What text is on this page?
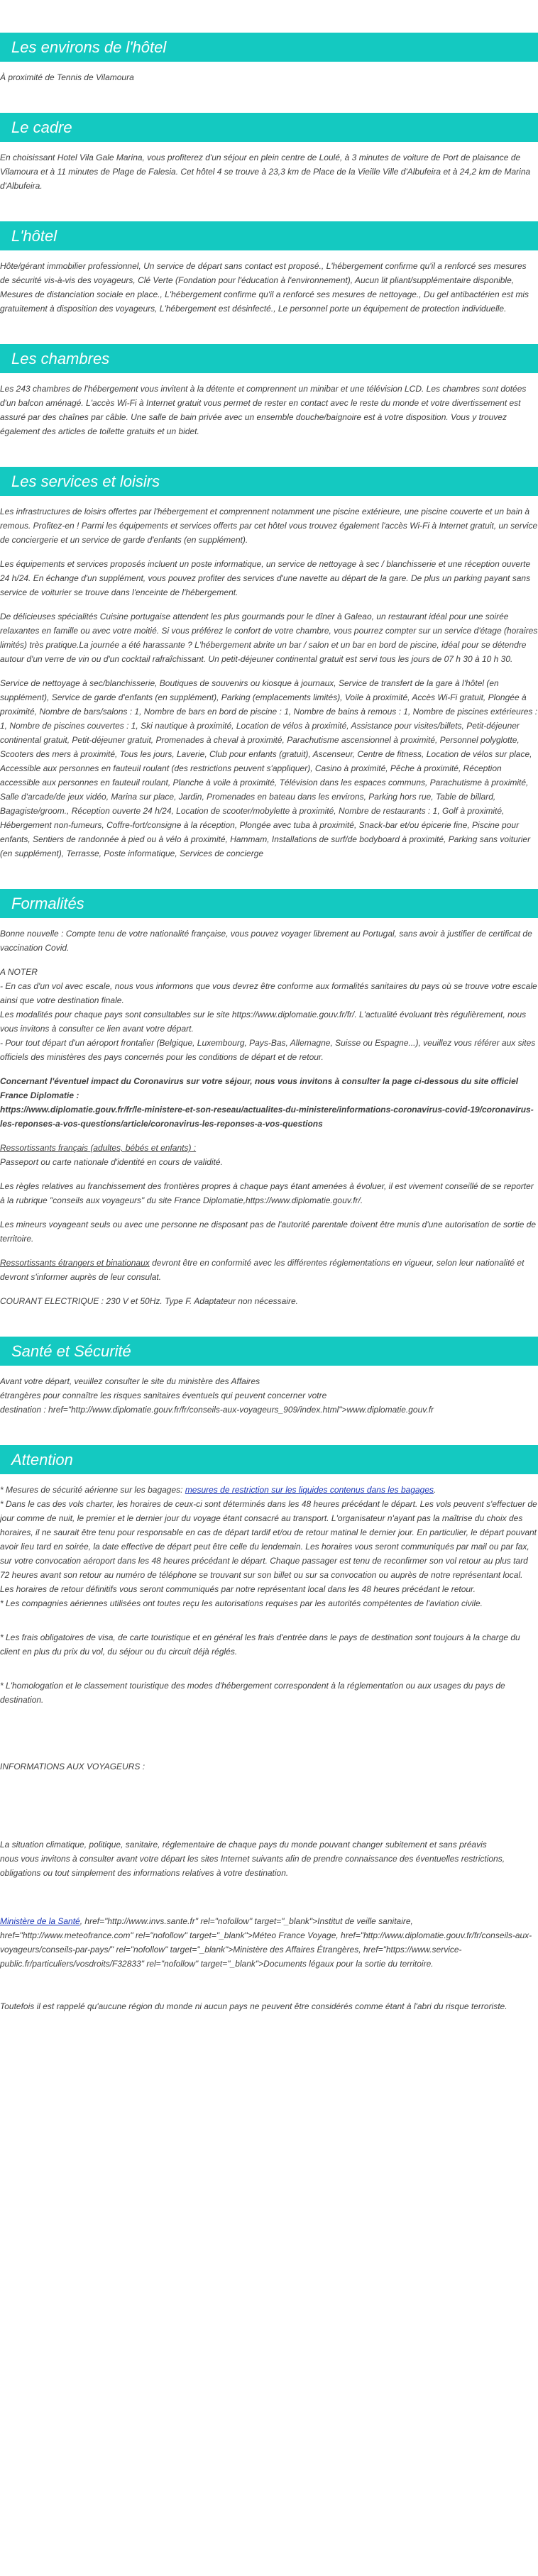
Les environs de l'hôtel

À proximité de Tennis de Vilamoura

Le cadre

En choisissant Hotel Vila Gale Marina, vous profiterez d'un séjour en plein centre de Loulé, à 3 minutes de voiture de Port de plaisance de Vilamoura et à 11 minutes de Plage de Falesia. Cet hôtel 4 se trouve à 23,3 km de Place de la Vieille Ville d'Albufeira et à 24,2 km de Marina d'Albufeira.

L'hôtel

Hôte/gérant immobilier professionnel, Un service de départ sans contact est proposé., L'hébergement confirme qu'il a renforcé ses mesures de sécurité vis-à-vis des voyageurs, Clé Verte (Fondation pour l'éducation à l'environnement), Aucun lit pliant/supplémentaire disponible, Mesures de distanciation sociale en place., L'hébergement confirme qu'il a renforcé ses mesures de nettoyage., Du gel antibactérien est mis gratuitement à disposition des voyageurs, L'hébergement est désinfecté., Le personnel porte un équipement de protection individuelle.

Les chambres

Les 243 chambres de l'hébergement vous invitent à la détente et comprennent un minibar et une télévision LCD. Les chambres sont dotées d'un balcon aménagé. L'accès Wi-Fi à Internet gratuit vous permet de rester en contact avec le reste du monde et votre divertissement est assuré par des chaînes par câble. Une salle de bain privée avec un ensemble douche/baignoire est à votre disposition. Vous y trouvez également des articles de toilette gratuits et un bidet.

Les services et loisirs

Les infrastructures de loisirs offertes par l'hébergement et comprennent notamment une piscine extérieure, une piscine couverte et un bain à remous. Profitez-en ! Parmi les équipements et services offerts par cet hôtel vous trouvez également l'accès Wi-Fi à Internet gratuit, un service de conciergerie et un service de garde d'enfants (en supplément).

Les équipements et services proposés incluent un poste informatique, un service de nettoyage à sec / blanchisserie et une réception ouverte 24 h/24. En échange d'un supplément, vous pouvez profiter des services d'une navette au départ de la gare. De plus un parking payant sans service de voiturier se trouve dans l'enceinte de l'hébergement.

De délicieuses spécialités Cuisine portugaise attendent les plus gourmands pour le dîner à Galeao, un restaurant idéal pour une soirée relaxantes en famille ou avec votre moitié. Si vous préférez le confort de votre chambre, vous pourrez compter sur un service d'étage (horaires limités) très pratique.La journée a été harassante ? L'hébergement abrite un bar / salon et un bar en bord de piscine, idéal pour se détendre autour d'un verre de vin ou d'un cocktail rafraîchissant. Un petit-déjeuner continental gratuit est servi tous les jours de 07 h 30 à 10 h 30.

Service de nettoyage à sec/blanchisserie, Boutiques de souvenirs ou kiosque à journaux, Service de transfert de la gare à l'hôtel (en supplément), Service de garde d'enfants (en supplément), Parking (emplacements limités), Voile à proximité, Accès Wi-Fi gratuit, Plongée à proximité, Nombre de bars/salons : 1, Nombre de bars en bord de piscine : 1, Nombre de bains à remous : 1, Nombre de piscines extérieures : 1, Nombre de piscines couvertes : 1, Ski nautique à proximité, Location de vélos à proximité, Assistance pour visites/billets, Petit-déjeuner continental gratuit, Petit-déjeuner gratuit, Promenades à cheval à proximité, Parachutisme ascensionnel à proximité, Personnel polyglotte, Scooters des mers à proximité, Tous les jours, Laverie, Club pour enfants (gratuit), Ascenseur, Centre de fitness, Location de vélos sur place, Accessible aux personnes en fauteuil roulant (des restrictions peuvent s'appliquer), Casino à proximité, Pêche à proximité, Réception accessible aux personnes en fauteuil roulant, Planche à voile à proximité, Télévision dans les espaces communs, Parachutisme à proximité, Salle d'arcade/de jeux vidéo, Marina sur place, Jardin, Promenades en bateau dans les environs, Parking hors rue, Table de billard, Bagagiste/groom., Réception ouverte 24 h/24, Location de scooter/mobylette à proximité, Nombre de restaurants : 1, Golf à proximité, Hébergement non-fumeurs, Coffre-fort/consigne à la réception, Plongée avec tuba à proximité, Snack-bar et/ou épicerie fine, Piscine pour enfants, Sentiers de randonnée à pied ou à vélo à proximité, Hammam, Installations de surf/de bodyboard à proximité, Parking sans voiturier (en supplément), Terrasse, Poste informatique, Services de concierge

Formalités

Bonne nouvelle : Compte tenu de votre nationalité française, vous pouvez voyager librement au Portugal, sans avoir à justifier de certificat de vaccination Covid.

A NOTER

- En cas d'un vol avec escale, nous vous informons que vous devrez être conforme aux formalités sanitaires du pays où se trouve votre escale ainsi que votre destination finale.

Les modalités pour chaque pays sont consultables sur le site https://www.diplomatie.gouv.fr/fr/. L'actualité évoluant très régulièrement, nous vous invitons à consulter ce lien avant votre départ.

- Pour tout départ d'un aéroport frontalier (Belgique, Luxembourg, Pays-Bas, Allemagne, Suisse ou Espagne...), veuillez vous référer aux sites officiels des ministères des pays concernés pour les conditions de départ et de retour.

Concernant l'éventuel impact du Coronavirus sur votre séjour, nous vous invitons à consulter la page ci-dessous du site officiel France Diplomatie :

https://www.diplomatie.gouv.fr/fr/le-ministere-et-son-reseau/actualites-du-ministere/informations-coronavirus-covid-19/coronavirus-les-reponses-a-vos-questions/article/coronavirus-les-reponses-a-vos-questions

Ressortissants français (adultes, bébés et enfants) :

Passeport ou carte nationale d'identité en cours de validité.

Les règles relatives au franchissement des frontières propres à chaque pays étant amenées à évoluer, il est vivement conseillé de se reporter à la rubrique "conseils aux voyageurs" du site France Diplomatie,https://www.diplomatie.gouv.fr/.

Les mineurs voyageant seuls ou avec une personne ne disposant pas de l'autorité parentale doivent être munis d'une autorisation de sortie de territoire.

Ressortissants étrangers et binationaux devront être en conformité avec les différentes réglementations en vigueur, selon leur nationalité et devront s'informer auprès de leur consulat.

COURANT ELECTRIQUE : 230 V et 50Hz. Type F. Adaptateur non nécessaire.

Santé et Sécurité

Avant votre départ, veuillez consulter le site du ministère des Affaires

étrangères pour connaître les risques sanitaires éventuels qui peuvent concerner votre

destination : href="http://www.diplomatie.gouv.fr/fr/conseils-aux-voyageurs_909/index.html">www.diplomatie.gouv.fr

Attention

* Mesures de sécurité aérienne sur les bagages: mesures de restriction sur les liquides contenus dans les bagages.

* Dans le cas des vols charter, les horaires de ceux-ci sont déterminés dans les 48 heures précédant le départ. Les vols peuvent s'effectuer de jour comme de nuit, le premier et le dernier jour du voyage étant consacré au transport. L'organisateur n'ayant pas la maîtrise du choix des horaires, il ne saurait être tenu pour responsable en cas de départ tardif et/ou de retour matinal le dernier jour. En particulier, le départ pouvant avoir lieu tard en soirée, la date effective de départ peut être celle du lendemain. Les horaires vous seront communiqués par mail ou par fax, sur votre convocation aéroport dans les 48 heures précédant le départ. Chaque passager est tenu de reconfirmer son vol retour au plus tard 72 heures avant son retour au numéro de téléphone se trouvant sur son billet ou sur sa convocation ou auprès de notre représentant local. Les horaires de retour définitifs vous seront communiqués par notre représentant local dans les 48 heures précédant le retour.

* Les compagnies aériennes utilisées ont toutes reçu les autorisations requises par les autorités compétentes de l'aviation civile.

* Les frais obligatoires de visa, de carte touristique et en général les frais d'entrée dans le pays de destination sont toujours à la charge du client en plus du prix du vol, du séjour ou du circuit déjà réglés.

* L'homologation et le classement touristique des modes d'hébergement correspondent à la réglementation ou aux usages du pays de destination.

INFORMATIONS AUX VOYAGEURS :

La situation climatique, politique, sanitaire, réglementaire de chaque pays du monde pouvant changer subitement et sans préavis

nous vous invitons à consulter avant votre départ les sites Internet suivants afin de prendre connaissance des éventuelles restrictions, obligations ou tout simplement des informations relatives à votre destination.

Ministère de la Santé, href="http://www.invs.sante.fr" rel="nofollow" target="_blank">Institut de veille sanitaire, href="http://www.meteofrance.com" rel="nofollow" target="_blank">Méteo France Voyage, href="http://www.diplomatie.gouv.fr/fr/conseils-aux-voyageurs/conseils-par-pays/" rel="nofollow" target="_blank">Ministère des Affaires Étrangères, href="https://www.service-public.fr/particuliers/vosdroits/F32833" rel="nofollow" target="_blank">Documents légaux pour la sortie du territoire.

Toutefois il est rappelé qu'aucune région du monde ni aucun pays ne peuvent être considérés comme étant à l'abri du risque terroriste.
